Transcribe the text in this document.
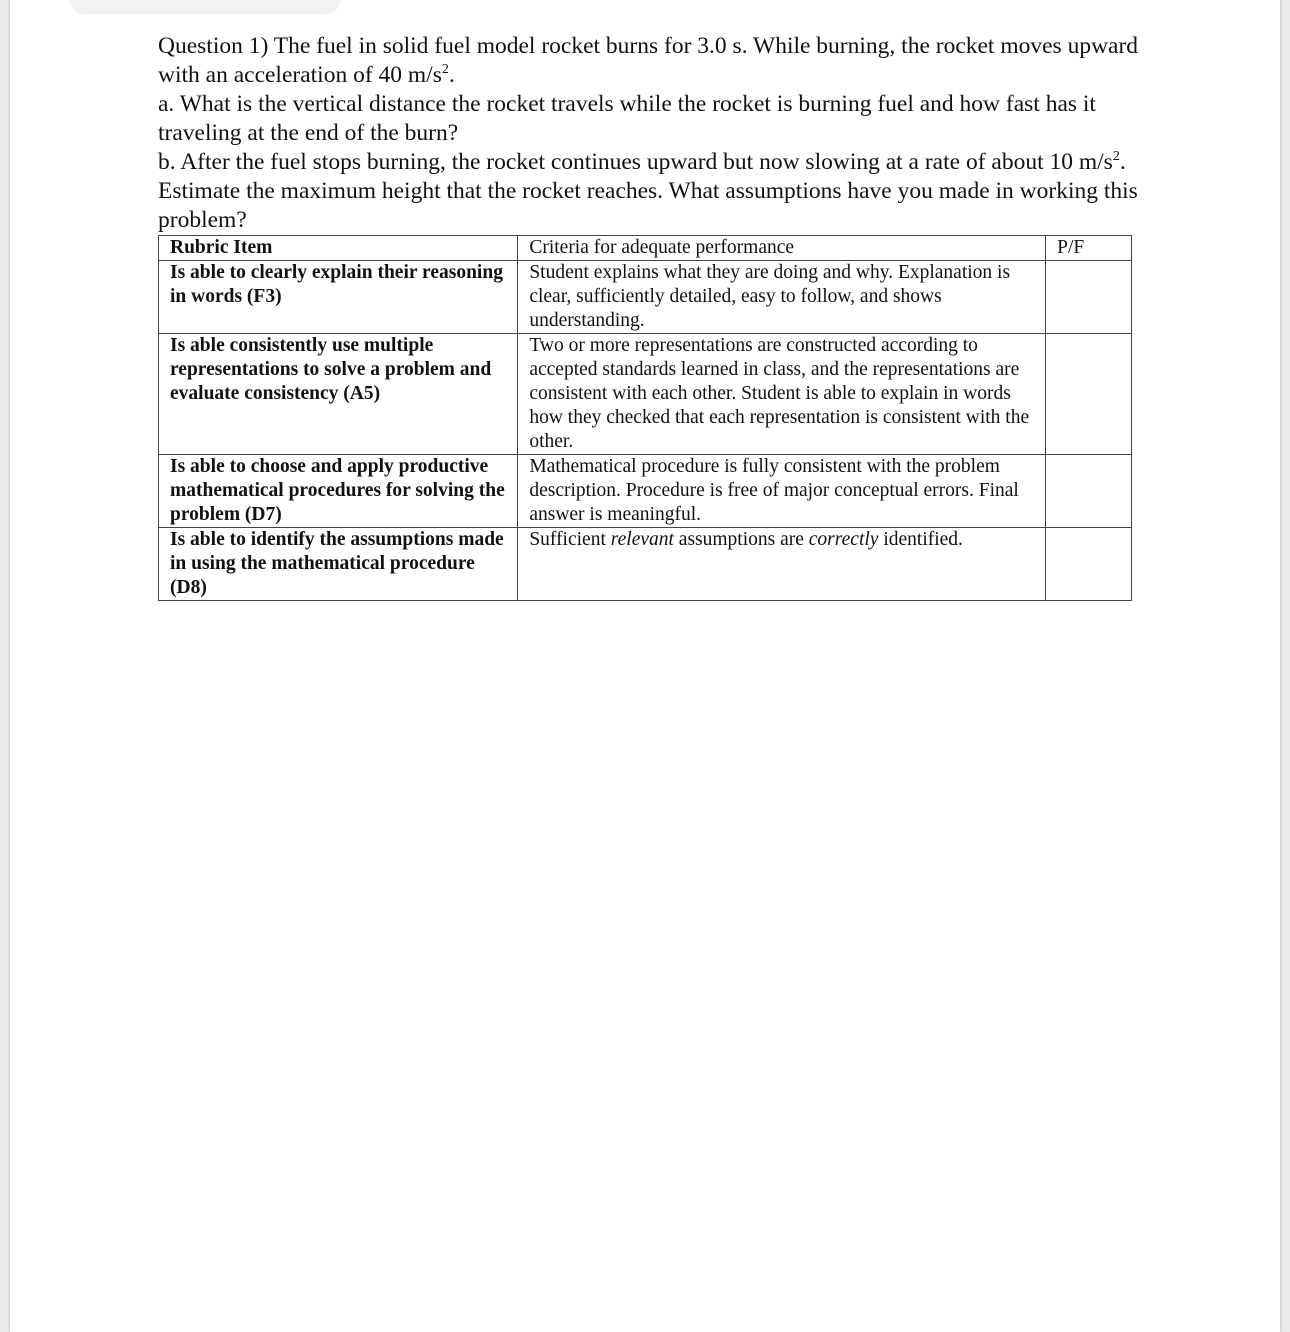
Question 1) The fuel in solid fuel model rocket burns for 3.0 s. While burning, the rocket moves upward with an acceleration of 40 $m/s^2$.

a. What is the vertical distance the rocket travels while the rocket is burning fuel and how fast has it traveling at the end of the burn?

b. After the fuel stops burning, the rocket continues upward but now slowing at a rate of about 10 $m/s^2$. Estimate the maximum height that the rocket reaches. What assumptions have you made in working this problem?

Rubric Item	Criteria for adequate performance	P/F
Is able to clearly explain their reasoning in words (F3)	Student explains what they are doing and why. Explanation is clear, sufficiently detailed, easy to follow, and shows understanding.	
Is able consistently use multiple representations to solve a problem and evaluate consistency (A5)	Two or more representations are constructed according to accepted standards learned in class, and the representations are consistent with each other. Student is able to explain in words how they checked that each representation is consistent with the other.	
Is able to choose and apply productive mathematical procedures for solving the problem (D7)	Mathematical procedure is fully consistent with the problem description. Procedure is free of major conceptual errors. Final answer is meaningful.	
Is able to identify the assumptions made in using the mathematical procedure (D8)	Sufficient relevant assumptions are correctly identified.	
